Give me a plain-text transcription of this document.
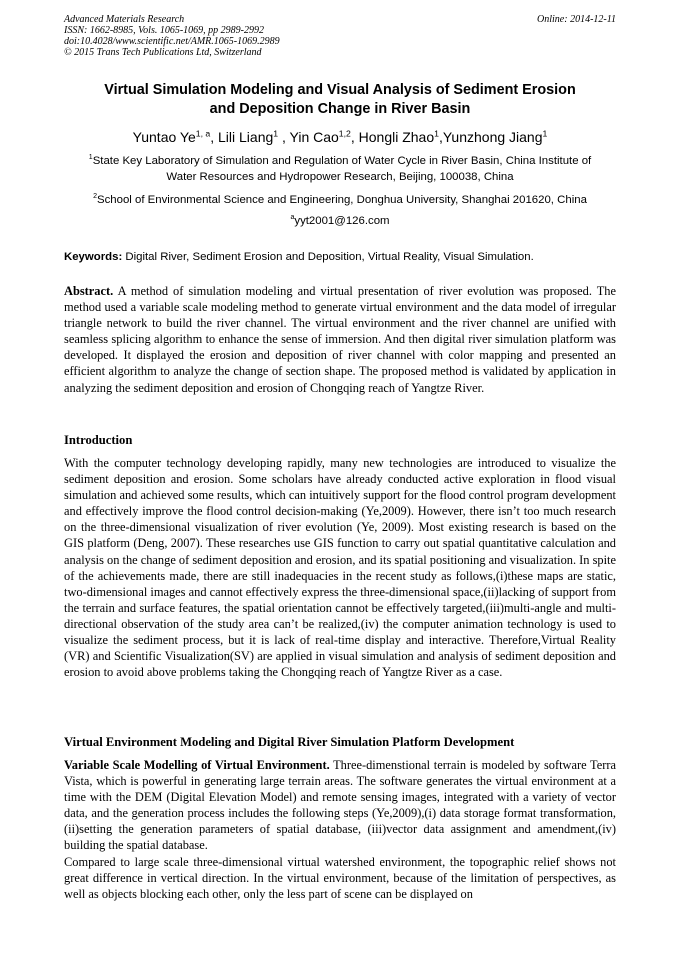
Advanced Materials Research
ISSN: 1662-8985, Vols. 1065-1069, pp 2989-2992
doi:10.4028/www.scientific.net/AMR.1065-1069.2989
© 2015 Trans Tech Publications Ltd, Switzerland
Online: 2014-12-11
Virtual Simulation Modeling and Visual Analysis of Sediment Erosion
and Deposition Change in River Basin
Yuntao Ye$^{1, a}$, Lili Liang$^1$ , Yin Cao$^{1,2}$, Hongli Zhao$^1$,Yunzhong Jiang$^1$
$^1$State Key Laboratory of Simulation and Regulation of Water Cycle in River Basin, China Institute of
Water Resources and Hydropower Research, Beijing, 100038, China
$^2$School of Environmental Science and Engineering, Donghua University, Shanghai 201620, China
$^a$yyt2001@126.com
Keywords: Digital River, Sediment Erosion and Deposition, Virtual Reality, Visual Simulation.

Abstract. A method of simulation modeling and virtual presentation of river evolution was proposed. The method used a variable scale modeling method to generate virtual environment and the data model of irregular triangle network to build the river channel. The virtual environment and the river channel are unified with seamless splicing algorithm to enhance the sense of immersion. And then digital river simulation platform was developed. It displayed the erosion and deposition of river channel with color mapping and presented an efficient algorithm to analyze the change of section shape. The proposed method is validated by application in analyzing the sediment deposition and erosion of Chongqing reach of Yangtze River.

Introduction

With the computer technology developing rapidly, many new technologies are introduced to visualize the sediment deposition and erosion. Some scholars have already conducted active exploration in flood visual simulation and achieved some results, which can intuitively support for the flood control program development and effectively improve the flood control decision-making (Ye,2009). However, there isn’t too much research on the three-dimensional visualization of river evolution (Ye, 2009). Most existing research is based on the GIS platform (Deng, 2007). These researches use GIS function to carry out spatial quantitative calculation and analysis on the change of sediment deposition and erosion, and its spatial positioning and visualization. In spite of the achievements made, there are still inadequacies in the recent study as follows,(i)these maps are static, two-dimensional images and cannot effectively express the three-dimensional space,(ii)lacking of support from the terrain and surface features, the spatial orientation cannot be effectively targeted,(iii)multi-angle and multi-directional observation of the study area can’t be realized,(iv) the computer animation technology is used to visualize the sediment process, but it is lack of real-time display and interactive. Therefore,Virtual Reality (VR) and Scientific Visualization(SV) are applied in visual simulation and analysis of sediment deposition and erosion to avoid above problems taking the Chongqing reach of Yangtze River as a case.

Virtual Environment Modeling and Digital River Simulation Platform Development

Variable Scale Modelling of Virtual Environment. Three-dimenstional terrain is modeled by software Terra Vista, which is powerful in generating large terrain areas. The software generates the virtual environment at a time with the DEM (Digital Elevation Model) and remote sensing images, integrated with a variety of vector data, and the generation process includes the following steps (Ye,2009),(i) data storage format transformation,(ii)setting the generation parameters of spatial database, (iii)vector data assignment and amendment,(iv) building the spatial database.

Compared to large scale three-dimensional virtual watershed environment, the topographic relief shows not great difference in vertical direction. In the virtual environment, because of the limitation of perspectives, as well as objects blocking each other, only the less part of scene can be displayed on
